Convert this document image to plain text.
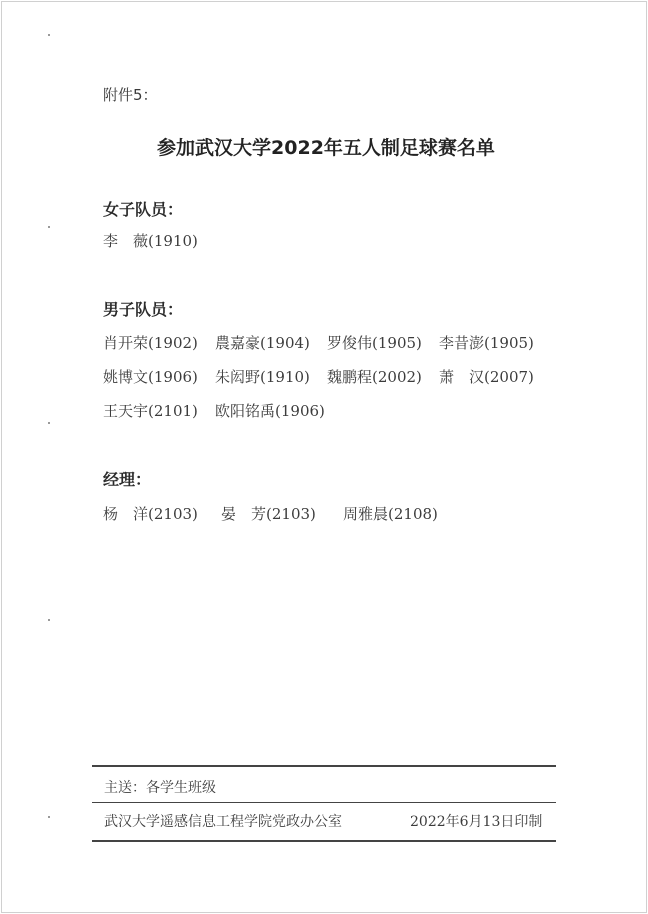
附件5：
参加武汉大学2022年五人制足球赛名单
女子队员：
李　薇(1910)
男子队员：
肖开荣(1902) 農嘉豪(1904) 罗俊伟(1905) 李昔澎(1905)
姚博文(1906) 朱闳野(1910) 魏鹏程(2002) 萧　汉(2007)
王天宇(2101) 欧阳铭禹(1906)
经理：
杨　洋(2103) 晏　芳(2103) 周雅晨(2108)
主送：各学生班级
武汉大学遥感信息工程学院党政办公室	2022年6月13日印制
